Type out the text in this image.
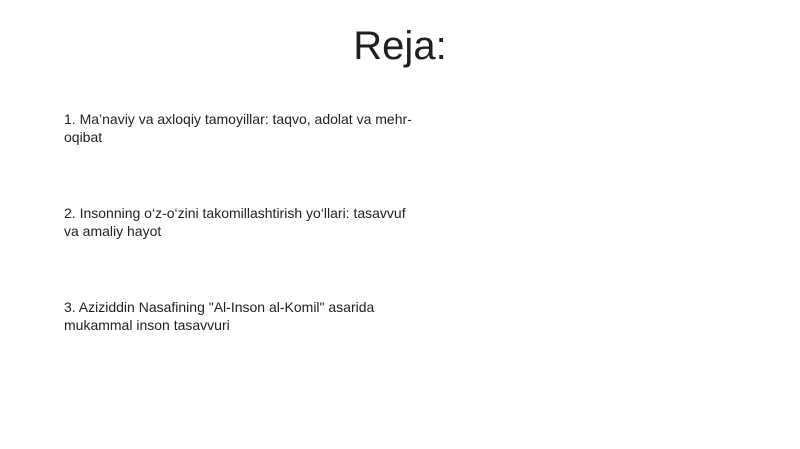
Reja:
1. Ma’naviy va axloqiy tamoyillar: taqvo, adolat va mehr-oqibat
2. Insonning o‘z-o‘zini takomillashtirish yo‘llari: tasavvuf va amaliy hayot
3. Aziziddin Nasafining "Al-Inson al-Komil" asarida mukammal inson tasavvuri
